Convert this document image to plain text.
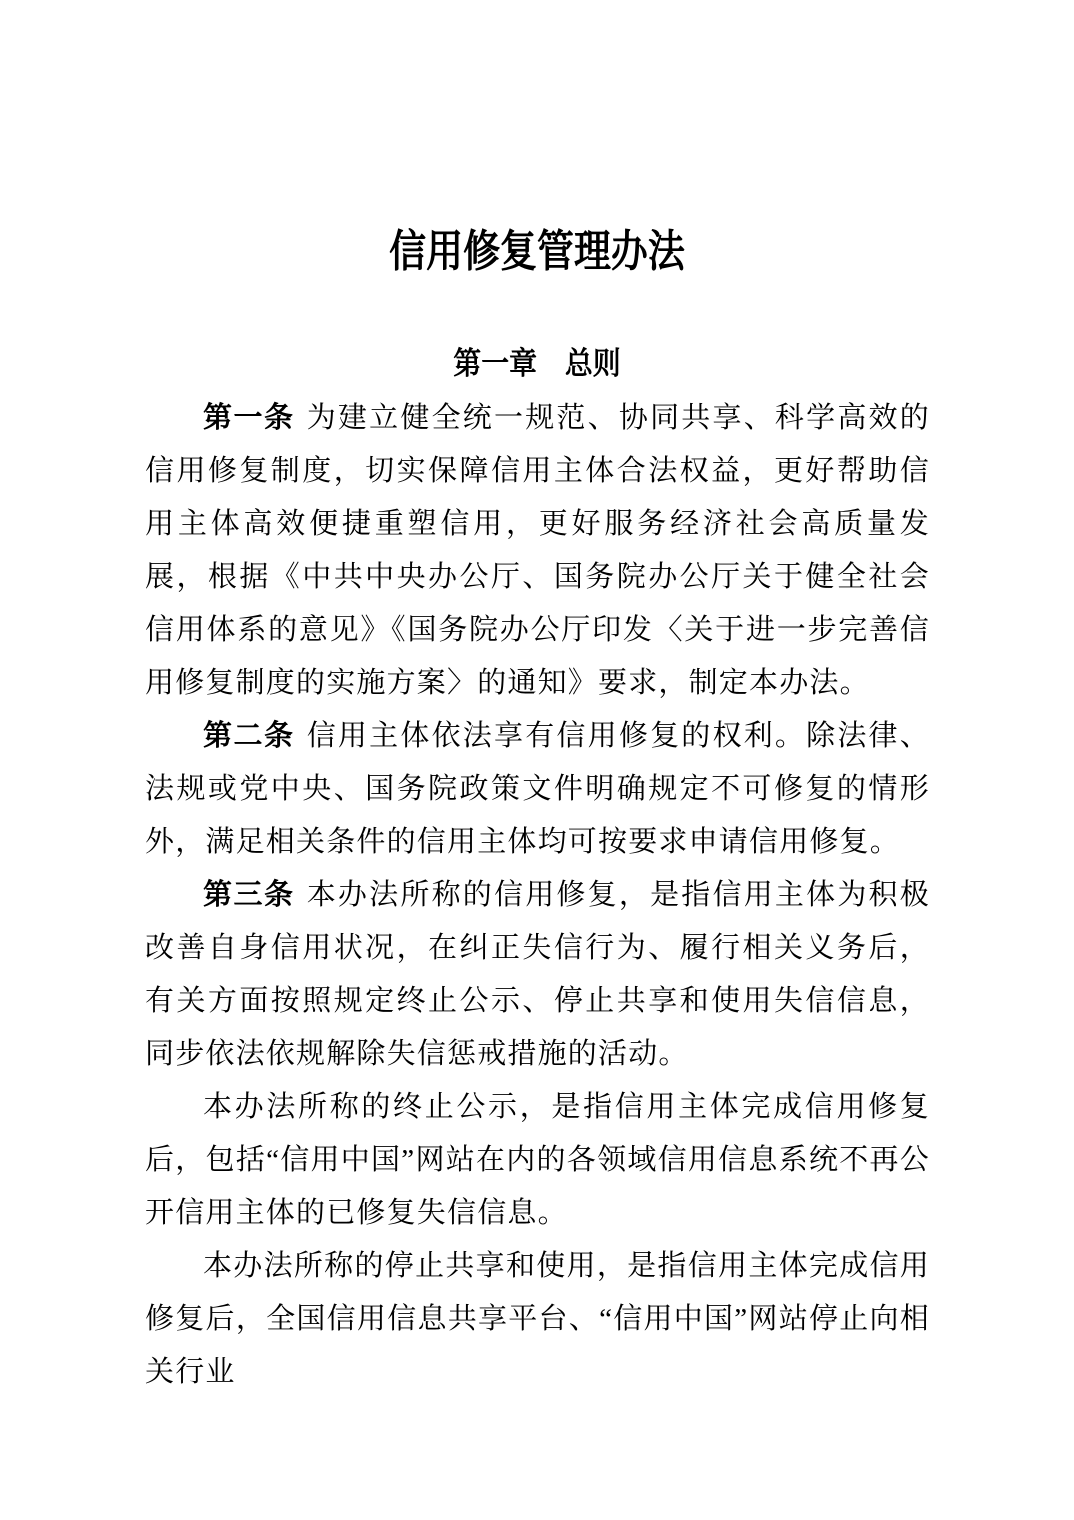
信用修复管理办法
第一章　总则

第一条 为建立健全统一规范、协同共享、科学高效的信用修复制度，切实保障信用主体合法权益，更好帮助信用主体高效便捷重塑信用，更好服务经济社会高质量发展，根据《中共中央办公厅、国务院办公厅关于健全社会信用体系的意见》《国务院办公厅印发〈关于进一步完善信用修复制度的实施方案〉的通知》要求，制定本办法。

第二条 信用主体依法享有信用修复的权利。除法律、法规或党中央、国务院政策文件明确规定不可修复的情形外，满足相关条件的信用主体均可按要求申请信用修复。

第三条 本办法所称的信用修复，是指信用主体为积极改善自身信用状况，在纠正失信行为、履行相关义务后，有关方面按照规定终止公示、停止共享和使用失信信息，同步依法依规解除失信惩戒措施的活动。

本办法所称的终止公示，是指信用主体完成信用修复后，包括“信用中国”网站在内的各领域信用信息系统不再公开信用主体的已修复失信信息。

本办法所称的停止共享和使用，是指信用主体完成信用修复后，全国信用信息共享平台、“信用中国”网站停止向相关行业
